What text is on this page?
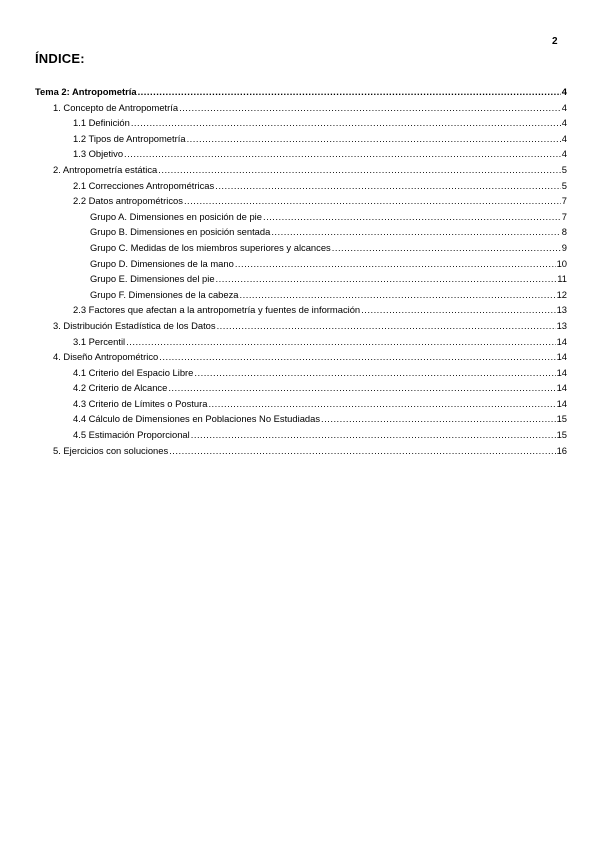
2
ÍNDICE:
Tema 2: Antropometría .....	4
1. Concepto de Antropometría .....	4
1.1 Definición .....	4
1.2 Tipos de Antropometría .....	4
1.3 Objetivo .....	4
2. Antropometría estática .....	5
2.1 Correcciones Antropométricas .....	5
2.2 Datos antropométricos .....	7
Grupo A. Dimensiones en posición de pie .....	7
Grupo B. Dimensiones en posición sentada .....	8
Grupo C. Medidas de los miembros superiores y alcances .....	9
Grupo D. Dimensiones de la mano .....	10
Grupo E. Dimensiones del pie .....	11
Grupo F. Dimensiones de la cabeza .....	12
2.3 Factores que afectan a la antropometría y fuentes de información .....	13
3. Distribución Estadística de los Datos .....	13
3.1 Percentil .....	14
4. Diseño Antropométrico .....	14
4.1 Criterio del Espacio Libre .....	14
4.2 Criterio de Alcance .....	14
4.3 Criterio de Límites o Postura .....	14
4.4 Cálculo de Dimensiones en Poblaciones No Estudiadas .....	15
4.5 Estimación Proporcional .....	15
5. Ejercicios con soluciones .....	16
